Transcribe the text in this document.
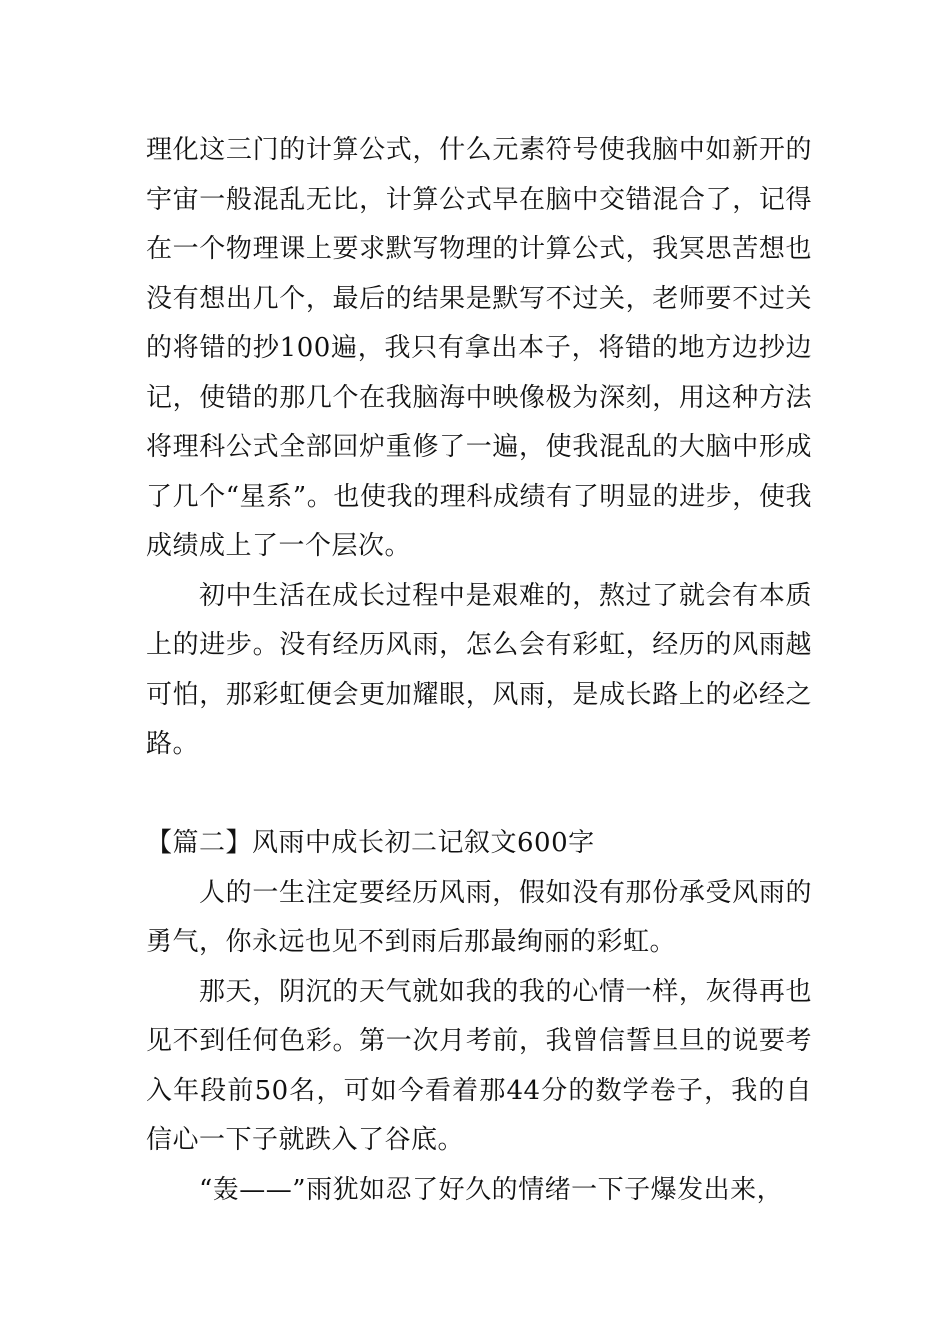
理化这三门的计算公式，什么元素符号使我脑中如新开的宇宙一般混乱无比，计算公式早在脑中交错混合了，记得在一个物理课上要求默写物理的计算公式，我冥思苦想也没有想出几个，最后的结果是默写不过关，老师要不过关的将错的抄100遍，我只有拿出本子，将错的地方边抄边记，使错的那几个在我脑海中映像极为深刻，用这种方法将理科公式全部回炉重修了一遍，使我混乱的大脑中形成了几个“星系”。也使我的理科成绩有了明显的进步，使我成绩成上了一个层次。

初中生活在成长过程中是艰难的，熬过了就会有本质上的进步。没有经历风雨，怎么会有彩虹，经历的风雨越可怕，那彩虹便会更加耀眼，风雨，是成长路上的必经之路。

【篇二】风雨中成长初二记叙文600字

人的一生注定要经历风雨，假如没有那份承受风雨的勇气，你永远也见不到雨后那最绚丽的彩虹。

那天，阴沉的天气就如我的我的心情一样，灰得再也见不到任何色彩。第一次月考前，我曾信誓旦旦的说要考入年段前50名，可如今看着那44分的数学卷子，我的自信心一下子就跌入了谷底。

“轰——”雨犹如忍了好久的情绪一下子爆发出来，
